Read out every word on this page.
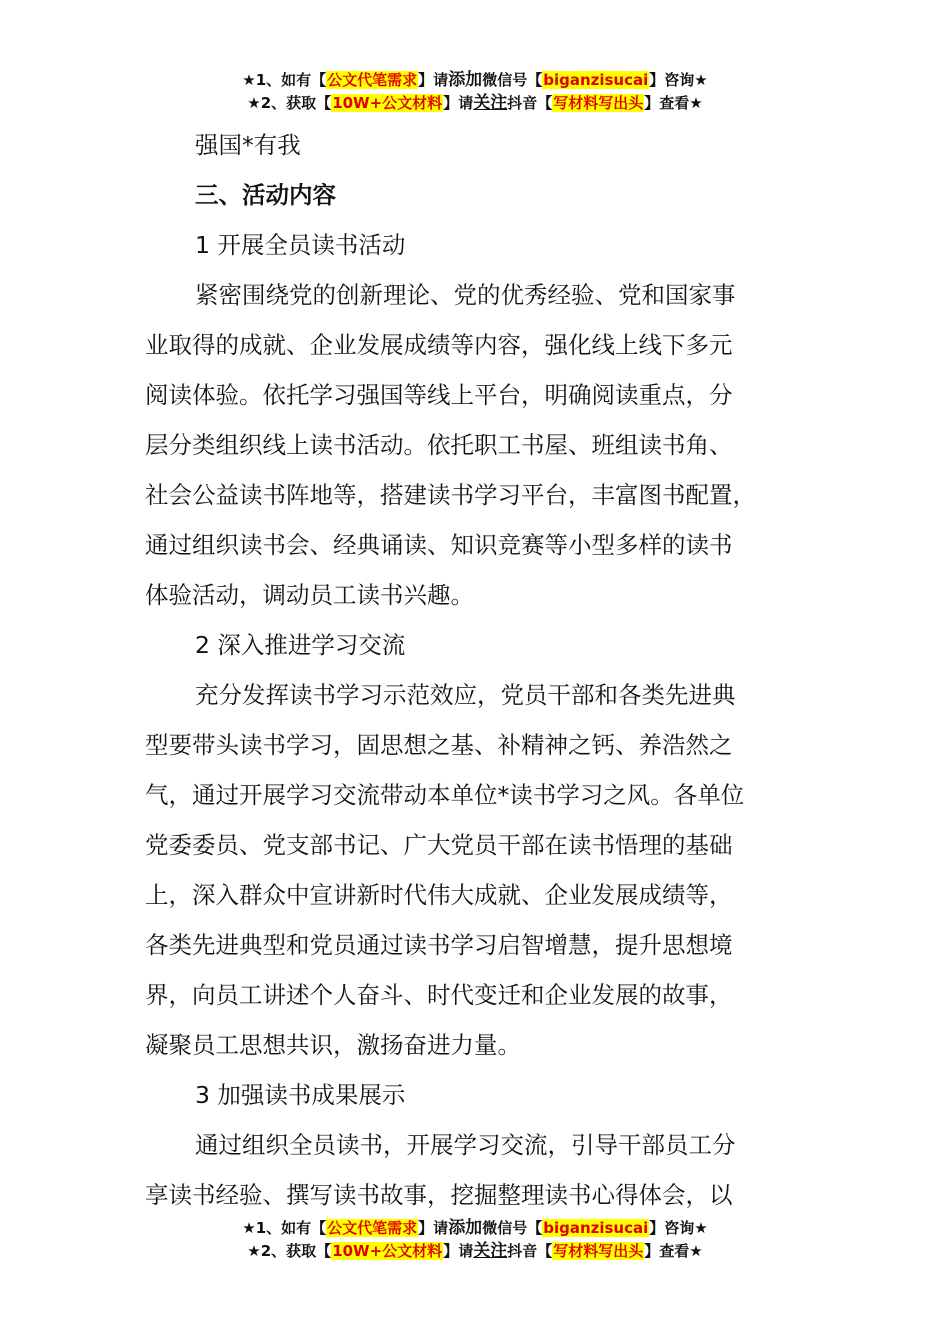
★1、如有【公文代笔需求】请添加微信号【biganzisucai】咨询★
★2、获取【10W+公文材料】请关注抖音【写材料写出头】查看★
强国*有我
三、活动内容
1 开展全员读书活动
紧密围绕党的创新理论、党的优秀经验、党和国家事
业取得的成就、企业发展成绩等内容，强化线上线下多元
阅读体验。依托学习强国等线上平台，明确阅读重点，分
层分类组织线上读书活动。依托职工书屋、班组读书角、
社会公益读书阵地等，搭建读书学习平台，丰富图书配置，
通过组织读书会、经典诵读、知识竞赛等小型多样的读书
体验活动，调动员工读书兴趣。
2 深入推进学习交流
充分发挥读书学习示范效应，党员干部和各类先进典
型要带头读书学习，固思想之基、补精神之钙、养浩然之
气，通过开展学习交流带动本单位*读书学习之风。各单位
党委委员、党支部书记、广大党员干部在读书悟理的基础
上，深入群众中宣讲新时代伟大成就、企业发展成绩等，
各类先进典型和党员通过读书学习启智增慧，提升思想境
界，向员工讲述个人奋斗、时代变迁和企业发展的故事，
凝聚员工思想共识，激扬奋进力量。
3 加强读书成果展示
通过组织全员读书，开展学习交流，引导干部员工分
享读书经验、撰写读书故事，挖掘整理读书心得体会，以
★1、如有【公文代笔需求】请添加微信号【biganzisucai】咨询★
★2、获取【10W+公文材料】请关注抖音【写材料写出头】查看★
